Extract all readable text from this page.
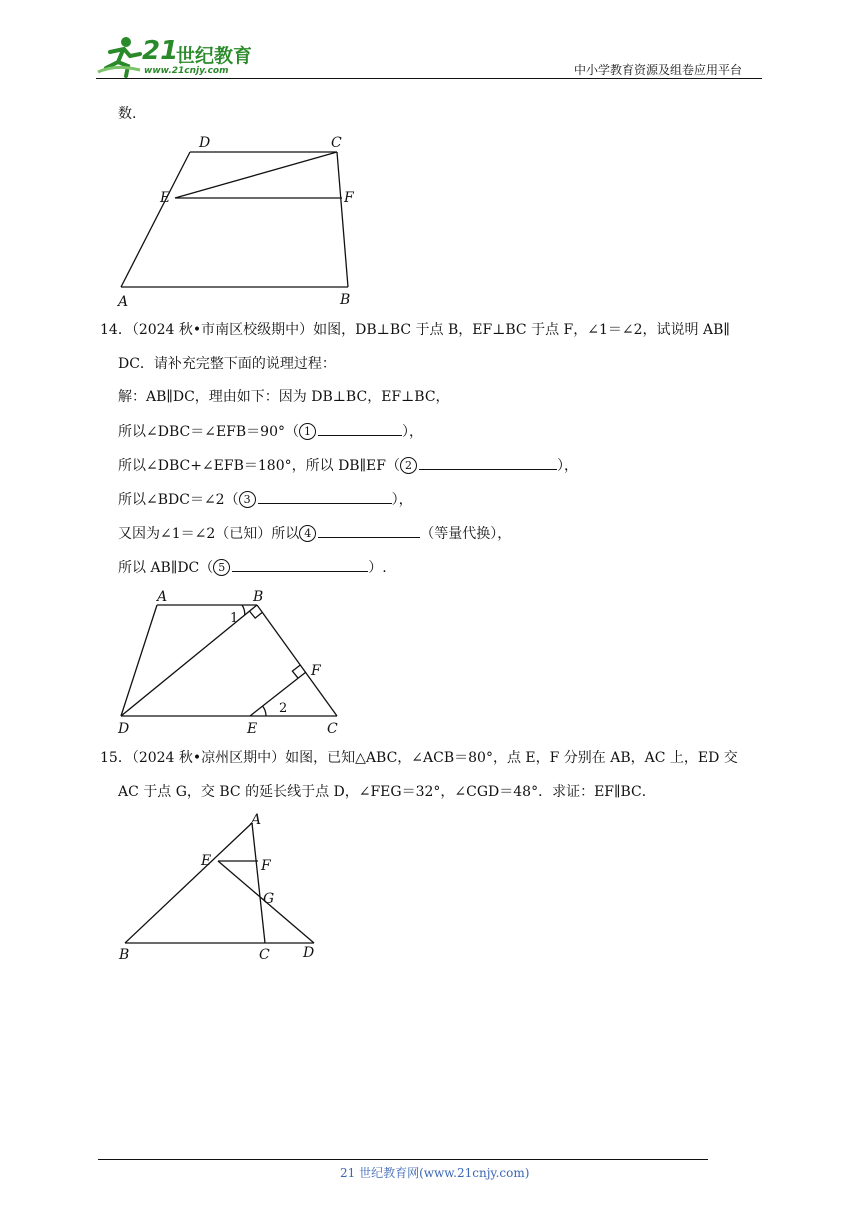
21
世纪教育
www.21cnjy.com	中小学教育资源及组卷应用平台
数.
D	C
E	F
A	B
14．（2024 秋•市南区校级期中）如图，DB⊥BC 于点 B，EF⊥BC 于点 F，∠1＝∠2，试说明 AB∥
DC．请补充完整下面的说理过程：
解：AB∥DC，理由如下：因为 DB⊥BC，EF⊥BC，
所以∠DBC＝∠EFB＝90°（ 1	），
所以∠DBC+∠EFB＝180°，所以 DB∥EF（ 2	），
所以∠BDC＝∠2（ 3	），
又因为∠1＝∠2（已知）所以 4	（等量代换），
所以 AB∥DC（ 5	）.
A	B
1
F
2
D	E	C
15．（2024 秋•凉州区期中）如图，已知△ABC，∠ACB＝80°，点 E，F 分别在 AB，AC 上，ED 交
AC 于点 G，交 BC 的延长线于点 D，∠FEG＝32°，∠CGD＝48°．求证：EF∥BC．
A
E	F
G
B	C D
21 世纪教育网(www.21cnjy.com)
